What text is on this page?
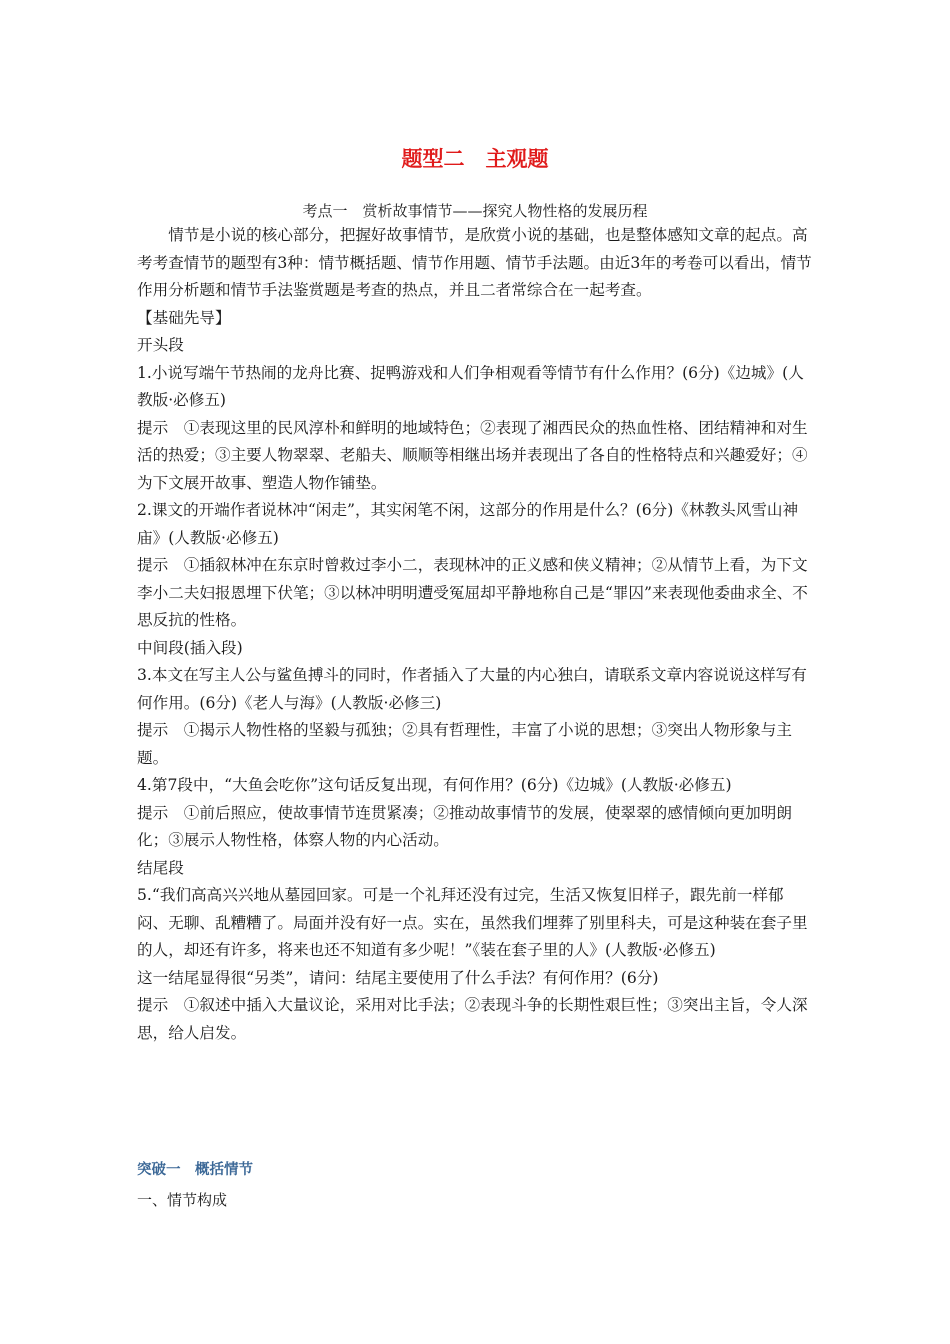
题型二　主观题
考点一　赏析故事情节——探究人物性格的发展历程

情节是小说的核心部分，把握好故事情节，是欣赏小说的基础，也是整体感知文章的起点。高考考查情节的题型有3种：情节概括题、情节作用题、情节手法题。由近3年的考卷可以看出，情节作用分析题和情节手法鉴赏题是考查的热点，并且二者常综合在一起考查。

【基础先导】

开头段

1.小说写端午节热闹的龙舟比赛、捉鸭游戏和人们争相观看等情节有什么作用？(6分)《边城》(人教版·必修五)

提示　①表现这里的民风淳朴和鲜明的地域特色；②表现了湘西民众的热血性格、团结精神和对生活的热爱；③主要人物翠翠、老船夫、顺顺等相继出场并表现出了各自的性格特点和兴趣爱好；④为下文展开故事、塑造人物作铺垫。

2.课文的开端作者说林冲“闲走”，其实闲笔不闲，这部分的作用是什么？(6分)《林教头风雪山神庙》(人教版·必修五)

提示　①插叙林冲在东京时曾救过李小二，表现林冲的正义感和侠义精神；②从情节上看，为下文李小二夫妇报恩埋下伏笔；③以林冲明明遭受冤屈却平静地称自己是“罪囚”来表现他委曲求全、不思反抗的性格。

中间段(插入段)

3.本文在写主人公与鲨鱼搏斗的同时，作者插入了大量的内心独白，请联系文章内容说说这样写有何作用。(6分)《老人与海》(人教版·必修三)

提示　①揭示人物性格的坚毅与孤独；②具有哲理性，丰富了小说的思想；③突出人物形象与主题。

4.第7段中，“大鱼会吃你”这句话反复出现，有何作用？(6分)《边城》(人教版·必修五)

提示　①前后照应，使故事情节连贯紧凑；②推动故事情节的发展，使翠翠的感情倾向更加明朗化；③展示人物性格，体察人物的内心活动。

结尾段

5.“我们高高兴兴地从墓园回家。可是一个礼拜还没有过完，生活又恢复旧样子，跟先前一样郁闷、无聊、乱糟糟了。局面并没有好一点。实在，虽然我们埋葬了别里科夫，可是这种装在套子里的人，却还有许多，将来也还不知道有多少呢！”《装在套子里的人》(人教版·必修五)

这一结尾显得很“另类”，请问：结尾主要使用了什么手法？有何作用？(6分)

提示　①叙述中插入大量议论，采用对比手法；②表现斗争的长期性艰巨性；③突出主旨，令人深思，给人启发。

突破一　概括情节
一、情节构成
